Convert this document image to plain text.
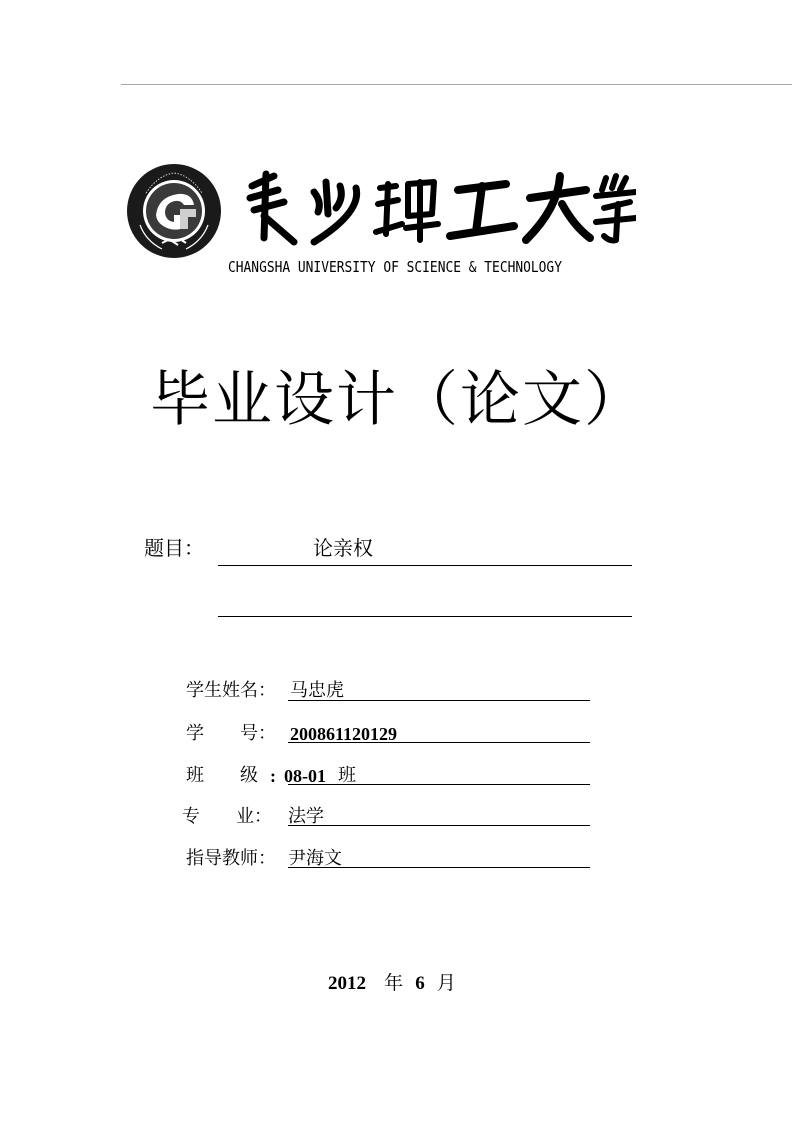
CHANGSHA UNIVERSITY OF SCIENCE & TECHNOLOGY
毕业设计（论文）
题目：	论亲权
学生姓名： 马忠虎
学　　号： 200861120129
班　　级 : 08-01 班
专　　业： 法学
指导教师： 尹海文
2012 年 6 月
